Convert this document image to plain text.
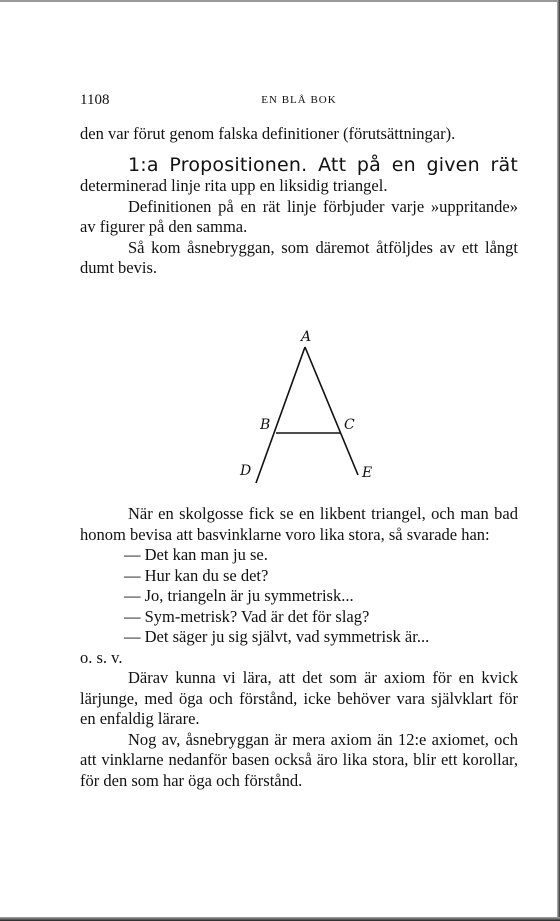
1108	EN BLÅ BOK

den var förut genom falska definitioner (förutsättningar).

1:a Propositionen. Att på en given rät determinerad linje rita upp en liksidig triangel.

Definitionen på en rät linje förbjuder varje »uppritande» av figurer på den samma.

Så kom åsnebryggan, som däremot åtföljdes av ett långt dumt bevis.

A
B	C
D	E

När en skolgosse fick se en likbent triangel, och man bad honom bevisa att basvinklarne voro lika stora, så svarade han:

— Det kan man ju se.

— Hur kan du se det?

— Jo, triangeln är ju symmetrisk...

— Sym-metrisk? Vad är det för slag?

— Det säger ju sig självt, vad symmetrisk är...

o. s. v.

Därav kunna vi lära, att det som är axiom för en kvick lärjunge, med öga och förstånd, icke behöver vara självklart för en enfaldig lärare.

Nog av, åsnebryggan är mera axiom än 12:e axiomet, och att vinklarne nedanför basen också äro lika stora, blir ett korollar, för den som har öga och förstånd.
